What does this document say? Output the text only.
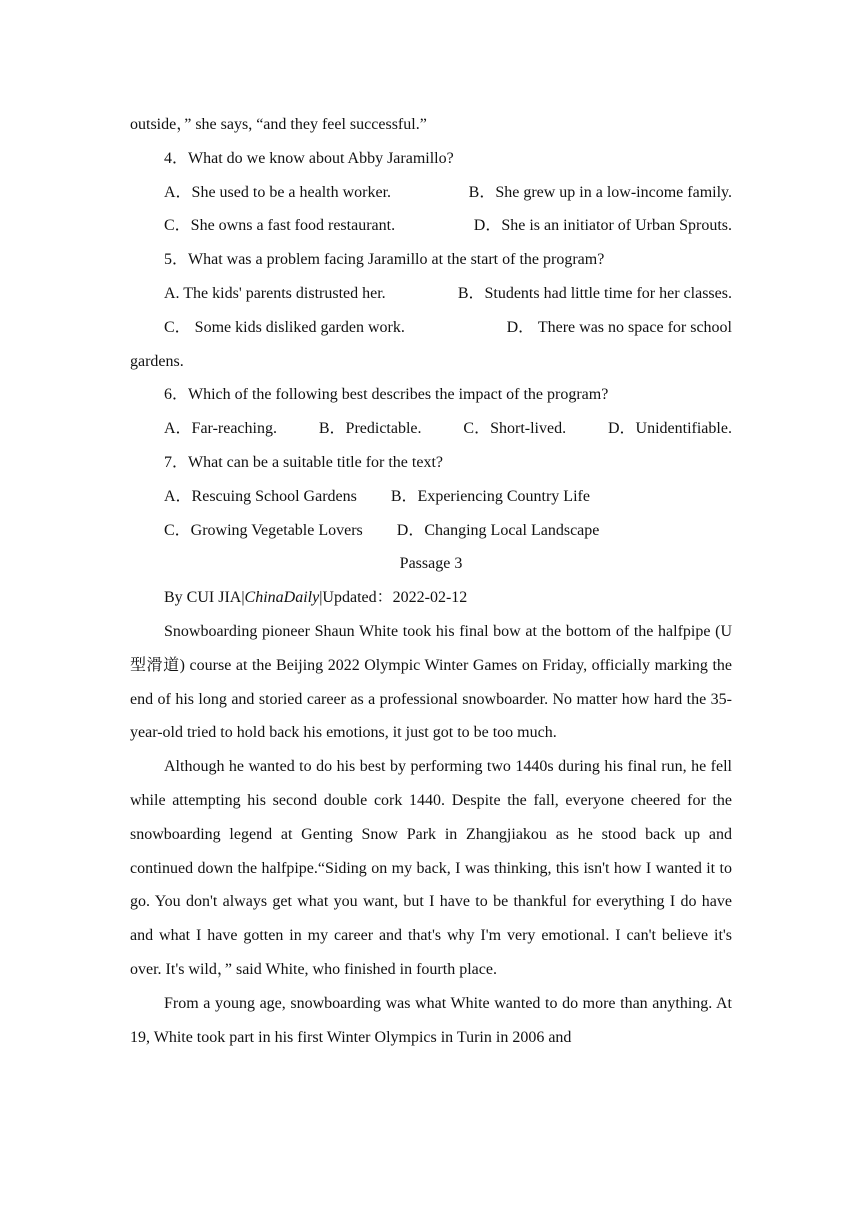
outside，” she says, “and they feel successful.”
4．What do we know about Abby Jaramillo?
A．She used to be a health worker.	B．She grew up in a low-income family.
C．She owns a fast food restaurant.	D．She is an initiator of Urban Sprouts.
5．What was a problem facing Jaramillo at the start of the program?
A. The kids' parents distrusted her.	B．Students had little time for her classes.
C． Some kids disliked garden work.	D． There was no space for school
gardens.
6．Which of the following best describes the impact of the program?
A．Far-reaching.	B．Predictable.	C．Short-lived.	D．Unidentifiable.
7．What can be a suitable title for the text?
A．Rescuing School Gardens B．Experiencing Country Life
C．Growing Vegetable Lovers D．Changing Local Landscape
Passage 3
By CUI JIA|ChinaDaily|Updated：2022-02-12

Snowboarding pioneer Shaun White took his final bow at the bottom of the halfpipe (U 型滑道) course at the Beijing 2022 Olympic Winter Games on Friday, officially marking the end of his long and storied career as a professional snowboarder. No matter how hard the 35-year-old tried to hold back his emotions, it just got to be too much.

Although he wanted to do his best by performing two 1440s during his final run, he fell while attempting his second double cork 1440. Despite the fall, everyone cheered for the snowboarding legend at Genting Snow Park in Zhangjiakou as he stood back up and continued down the halfpipe.“Siding on my back, I was thinking, this isn't how I wanted it to go. You don't always get what you want, but I have to be thankful for everything I do have and what I have gotten in my career and that's why I'm very emotional. I can't believe it's over. It's wild，” said White, who finished in fourth place.

From a young age, snowboarding was what White wanted to do more than anything. At 19, White took part in his first Winter Olympics in Turin in 2006 and
